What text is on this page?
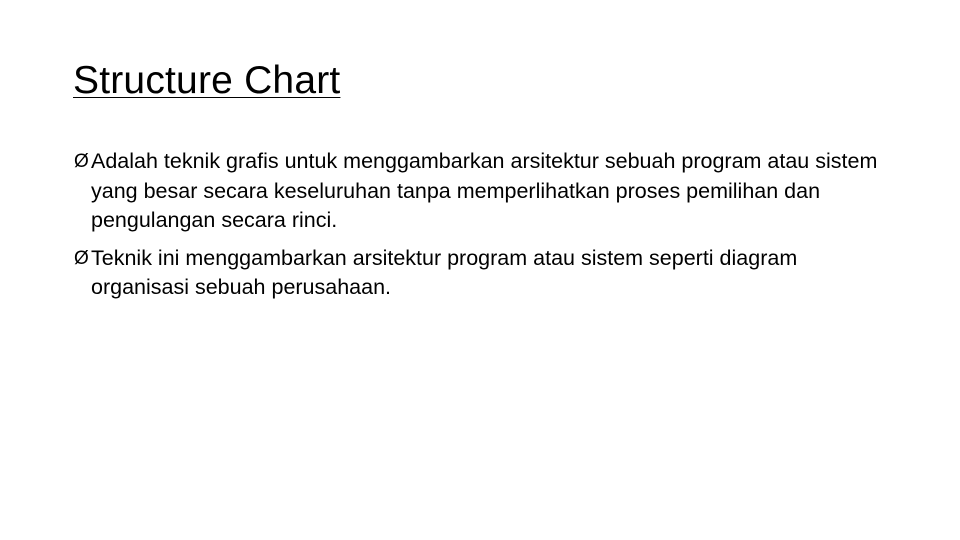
Structure Chart
Ø Adalah teknik grafis untuk menggambarkan arsitektur sebuah program atau sistem yang besar secara keseluruhan tanpa memperlihatkan proses pemilihan dan pengulangan secara rinci.
Ø Teknik ini menggambarkan arsitektur program atau sistem seperti diagram organisasi sebuah perusahaan.
